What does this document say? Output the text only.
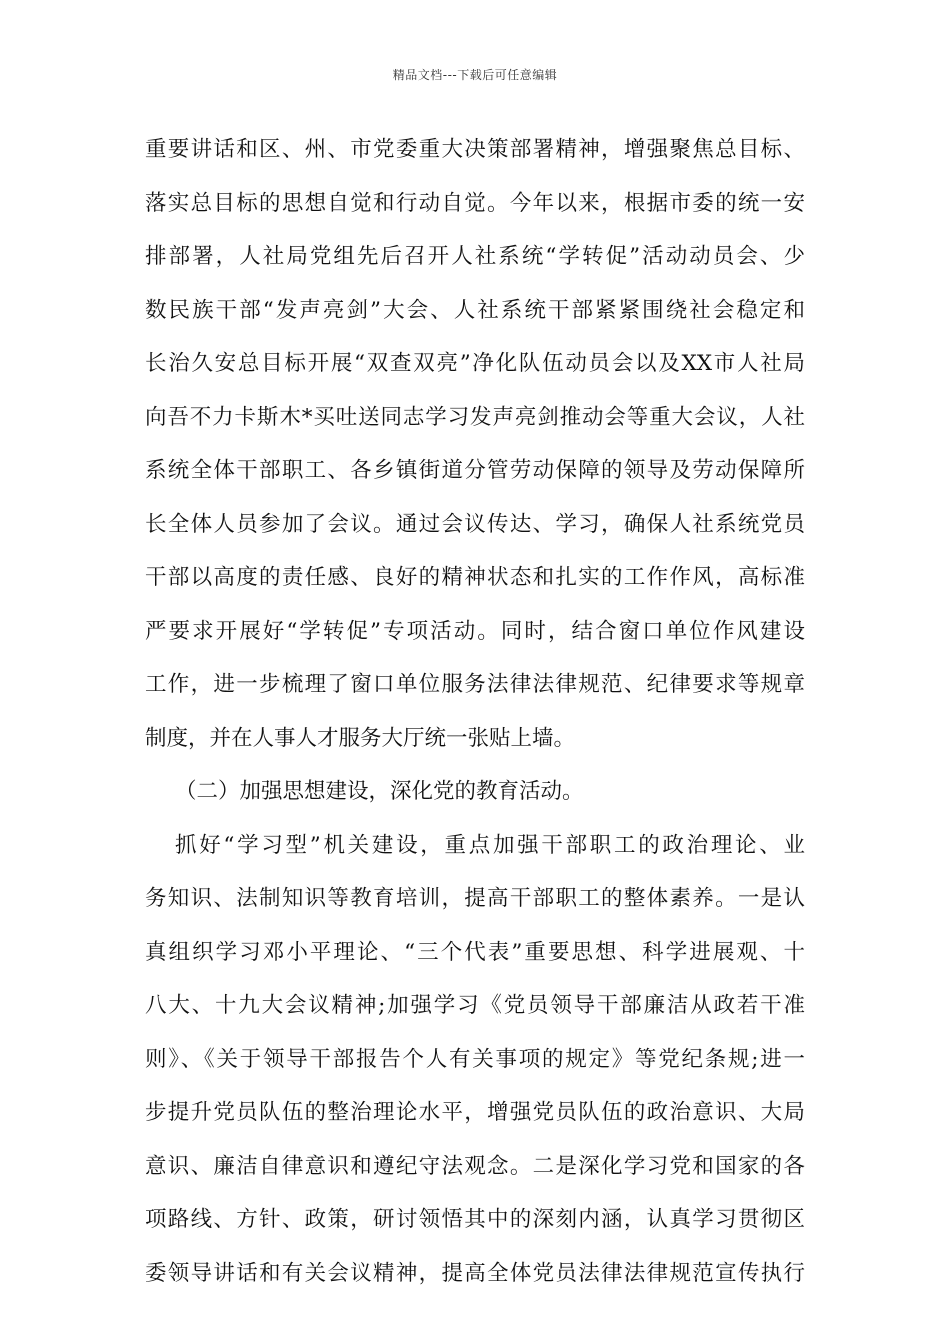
精品文档---下载后可任意编辑
重要讲话和区、州、市党委重大决策部署精神，增强聚焦总目标、
落实总目标的思想自觉和行动自觉。今年以来，根据市委的统一安
排部署，人社局党组先后召开人社系统“学转促”活动动员会、少
数民族干部“发声亮剑”大会、人社系统干部紧紧围绕社会稳定和
长治久安总目标开展“双查双亮”净化队伍动员会以及XX市人社局
向吾不力卡斯木*买吐送同志学习发声亮剑推动会等重大会议，人社
系统全体干部职工、各乡镇街道分管劳动保障的领导及劳动保障所
长全体人员参加了会议。通过会议传达、学习，确保人社系统党员
干部以高度的责任感、良好的精神状态和扎实的工作作风，高标准
严要求开展好“学转促”专项活动。同时，结合窗口单位作风建设
工作，进一步梳理了窗口单位服务法律法律规范、纪律要求等规章
制度，并在人事人才服务大厅统一张贴上墙。
（二）加强思想建设，深化党的教育活动。
抓好“学习型”机关建设，重点加强干部职工的政治理论、业
务知识、法制知识等教育培训，提高干部职工的整体素养。一是认
真组织学习邓小平理论、“三个代表”重要思想、科学进展观、十
八大、十九大会议精神;加强学习《党员领导干部廉洁从政若干准
则》、《关于领导干部报告个人有关事项的规定》等党纪条规;进一
步提升党员队伍的整治理论水平，增强党员队伍的政治意识、大局
意识、廉洁自律意识和遵纪守法观念。二是深化学习党和国家的各
项路线、方针、政策，研讨领悟其中的深刻内涵，认真学习贯彻区
委领导讲话和有关会议精神，提高全体党员法律法律规范宣传执行
